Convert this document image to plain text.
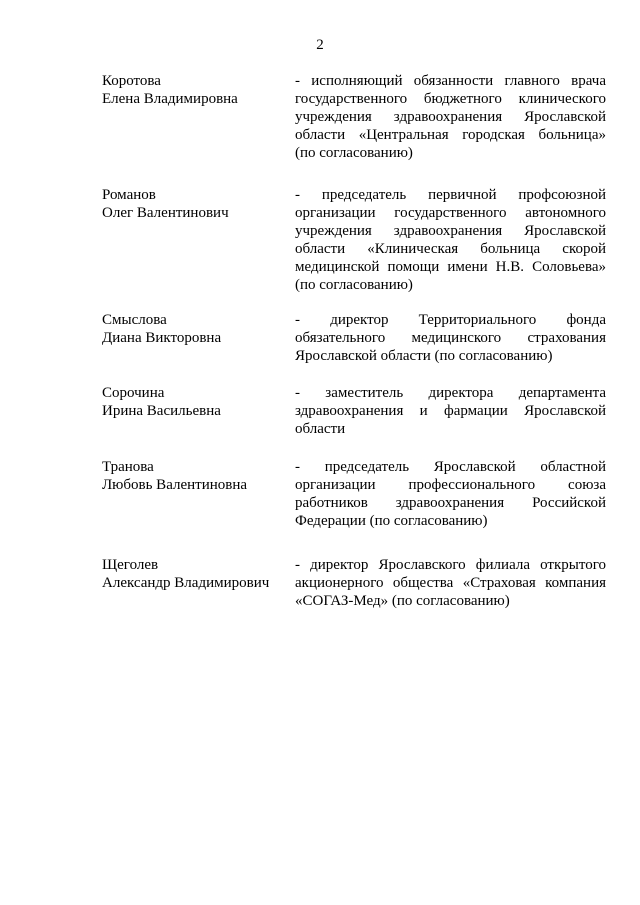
2
Коротова
Елена Владимировна
- исполняющий обязанности главного врача
государственного бюджетного клинического
учреждения здравоохранения Ярославской
области «Центральная городская больница»
(по согласованию)
Романов
Олег Валентинович
- председатель первичной профсоюзной
организации государственного автономного
учреждения здравоохранения Ярославской
области «Клиническая больница скорой
медицинской помощи имени Н.В. Соловьева»
(по согласованию)
Смыслова
Диана Викторовна
- директор Территориального фонда
обязательного медицинского страхования
Ярославской области (по согласованию)
Сорочина
Ирина Васильевна
- заместитель директора департамента
здравоохранения и фармации Ярославской
области
Транова
Любовь Валентиновна
- председатель Ярославской областной
организации профессионального союза
работников здравоохранения Российской
Федерации (по согласованию)
Щеголев
Александр Владимирович
- директор Ярославского филиала открытого
акционерного общества «Страховая компания
«СОГАЗ-Мед» (по согласованию)
